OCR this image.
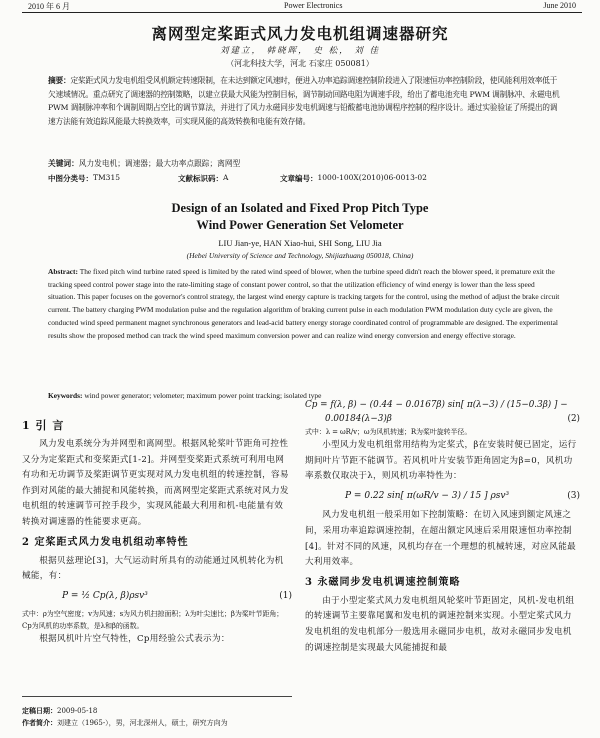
2010 年 6 月	Power Electronics	June 2010
离网型定桨距式风力发电机组调速器研究
刘建立， 韩晓晖， 史 松， 刘 佳
（河北科技大学，河北 石家庄 050081）
摘要：定桨距式风力发电机组受风机额定转速限制，在未达到额定风速时，便进入功率追踪调速控制阶段进入了限速恒功率控制阶段，使风能利用效率低于欠速域情况。重点研究了调速器的控制策略，以建立获最大风能为控制目标，调节制动回路电阻为调速手段，给出了蓄电池充电 PWM 调制脉冲、永磁电机 PWM 调制脉冲率和个调制周期占空比的调节算法，并进行了风力永磁同步发电机调速与铅酸蓄电池协调程序控制的程序设计。通过实验验证了所提出的调速方法能有效追踪风能最大转换效率，可实现风能的高效转换和电能有效存储。
关键词：风力发电机；调速器；最大功率点跟踪；离网型
中图分类号： TM315	文献标识码： A	文章编号： 1000-100X(2010)06-0013-02
Design of an Isolated and Fixed Prop Pitch Type
Wind Power Generation Set Velometer
LIU Jian-ye, HAN Xiao-hui, SHI Song, LIU Jia
(Hebei University of Science and Technology, Shijiazhuang 050018, China)
Abstract: The fixed pitch wind turbine rated speed is limited by the rated wind speed of blower, when the turbine speed didn't reach the blower speed, it premature exit the tracking speed control power stage into the rate-limiting stage of constant power control, so that the utilization efficiency of wind energy is lower than the less speed situation. This paper focuses on the governor's control strategy, the largest wind energy capture is tracking targets for the control, using the method of adjust the brake circuit current. The battery charging PWM modulation pulse and the regulation algorithm of braking current pulse in each modulation PWM modulation duty cycle are given, the conducted wind speed permanent magnet synchronous generators and lead-acid battery energy storage coordinated control of programmable are designed. The experimental results show the proposed method can track the wind speed maximum conversion power and can realize wind energy conversion and energy effective storage.
Keywords: wind power generator; velometer; maximum power point tracking; isolated type
1 引 言

风力发电系统分为并网型和离网型。根据风轮桨叶节距角可控性又分为定桨距式和变桨距式[1-2]。并网型变桨距式系统可利用电网有功和无功调节及桨距调节更实现对风力发电机组的转速控制，容易作到对风能的最大捕捉和风能转换，而离网型定桨距式系统对风力发电机组的转速调节可控手段少，实现风能最大利用和机-电能量有效转换对调速器的性能要求更高。

2 定桨距式风力发电机组动率特性

根据贝兹理论[3]，大气运动时所具有的动能通过风机转化为机械能，有：

P = ½ Cp(λ, β)ρsv³	(1)
式中：ρ为空气密度；v为风速；s为风力机扫掠面积；λ为叶尖速比；β为桨叶节距角；Cp为风机的功率系数，是λ和β的函数。

根据风机叶片空气特性，Cp用经验公式表示为：

定稿日期：2009-05-18
作者简介：刘建立（1965-），男，河北深州人，硕士，研究方向为
Cp = f(λ, β) − (0.44 − 0.0167β) sin[ π(λ−3) / (15−0.3β) ] −
0.00184(λ−3)β	(2)
式中：λ = ωR/v；ω为风机转速；R为桨叶旋转半径。

小型风力发电机组常用结构为定桨式，β在安装时便已固定，运行期间叶片节距不能调节。若风机叶片安装节距角固定为β=0，风机功率系数仅取决于λ，则风机功率特性为：

P = 0.22 sin[ π(ωR/v − 3) / 15 ] ρsv³	(3)

风力发电机组一般采用如下控制策略：在切入风速到额定风速之间，采用功率追踪调速控制，在超出额定风速后采用限速恒功率控制[4]。针对不同的风速，风机均存在一个理想的机械转速，对应风能最大利用效率。

3 永磁同步发电机调速控制策略

由于小型定桨式风力发电机组风轮桨叶节距固定，风机-发电机组的转速调节主要靠尾翼和发电机的调速控制来实现。小型定桨式风力发电机组的发电机部分一般选用永磁同步电机，故对永磁同步发电机的调速控制是实现最大风能捕捉和最
